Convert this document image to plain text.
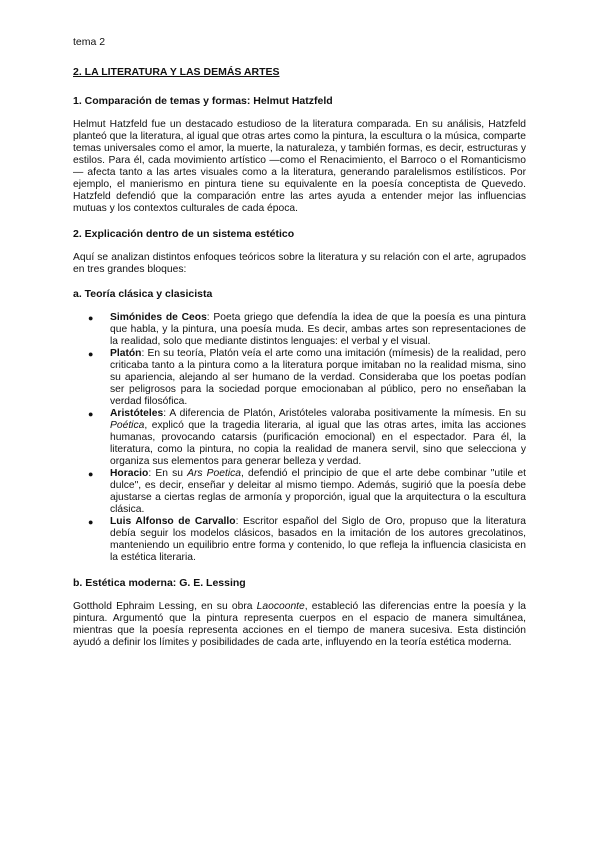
tema 2
2. LA LITERATURA Y LAS DEMÁS ARTES
1. Comparación de temas y formas: Helmut Hatzfeld

Helmut Hatzfeld fue un destacado estudioso de la literatura comparada. En su análisis, Hatzfeld planteó que la literatura, al igual que otras artes como la pintura, la escultura o la música, comparte temas universales como el amor, la muerte, la naturaleza, y también formas, es decir, estructuras y estilos. Para él, cada movimiento artístico —como el Renacimiento, el Barroco o el Romanticismo— afecta tanto a las artes visuales como a la literatura, generando paralelismos estilísticos. Por ejemplo, el manierismo en pintura tiene su equivalente en la poesía conceptista de Quevedo. Hatzfeld defendió que la comparación entre las artes ayuda a entender mejor las influencias mutuas y los contextos culturales de cada época.

2. Explicación dentro de un sistema estético

Aquí se analizan distintos enfoques teóricos sobre la literatura y su relación con el arte, agrupados en tres grandes bloques:

a. Teoría clásica y clasicista
● Simónides de Ceos: Poeta griego que defendía la idea de que la poesía es una pintura que habla, y la pintura, una poesía muda. Es decir, ambas artes son representaciones de la realidad, solo que mediante distintos lenguajes: el verbal y el visual.
● Platón: En su teoría, Platón veía el arte como una imitación (mímesis) de la realidad, pero criticaba tanto a la pintura como a la literatura porque imitaban no la realidad misma, sino su apariencia, alejando al ser humano de la verdad. Consideraba que los poetas podían ser peligrosos para la sociedad porque emocionaban al público, pero no enseñaban la verdad filosófica.
● Aristóteles: A diferencia de Platón, Aristóteles valoraba positivamente la mímesis. En su Poética, explicó que la tragedia literaria, al igual que las otras artes, imita las acciones humanas, provocando catarsis (purificación emocional) en el espectador. Para él, la literatura, como la pintura, no copia la realidad de manera servil, sino que selecciona y organiza sus elementos para generar belleza y verdad.
● Horacio: En su Ars Poetica, defendió el principio de que el arte debe combinar "utile et dulce", es decir, enseñar y deleitar al mismo tiempo. Además, sugirió que la poesía debe ajustarse a ciertas reglas de armonía y proporción, igual que la arquitectura o la escultura clásica.
● Luis Alfonso de Carvallo: Escritor español del Siglo de Oro, propuso que la literatura debía seguir los modelos clásicos, basados en la imitación de los autores grecolatinos, manteniendo un equilibrio entre forma y contenido, lo que refleja la influencia clasicista en la estética literaria.
b. Estética moderna: G. E. Lessing

Gotthold Ephraim Lessing, en su obra Laocoonte, estableció las diferencias entre la poesía y la pintura. Argumentó que la pintura representa cuerpos en el espacio de manera simultánea, mientras que la poesía representa acciones en el tiempo de manera sucesiva. Esta distinción ayudó a definir los límites y posibilidades de cada arte, influyendo en la teoría estética moderna.
